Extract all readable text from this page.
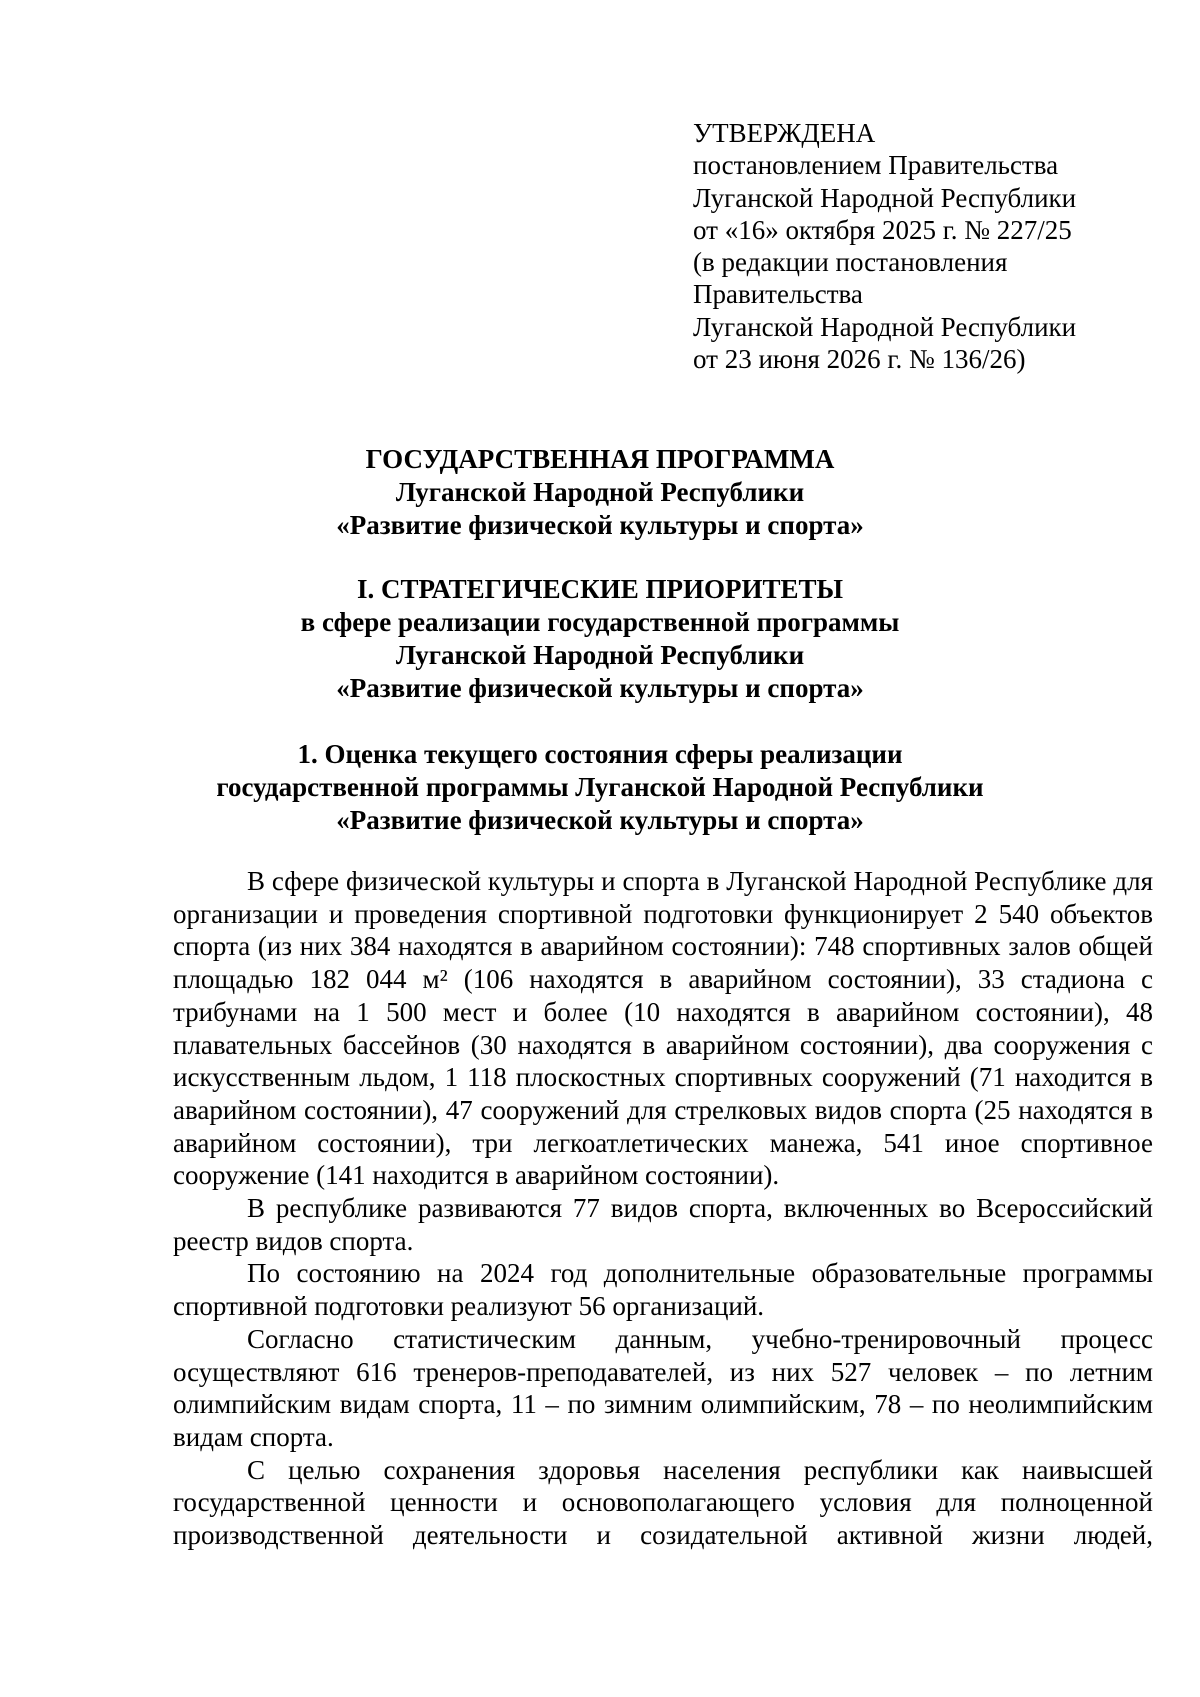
УТВЕРЖДЕНА
постановлением Правительства
Луганской Народной Республики
от «16» октября 2025 г. № 227/25
(в редакции постановления
Правительства
Луганской Народной Республики
от 23 июня 2026 г. № 136/26)
ГОСУДАРСТВЕННАЯ ПРОГРАММА
Луганской Народной Республики
«Развитие физической культуры и спорта»
I. СТРАТЕГИЧЕСКИЕ ПРИОРИТЕТЫ
в сфере реализации государственной программы
Луганской Народной Республики
«Развитие физической культуры и спорта»
1. Оценка текущего состояния сферы реализации
государственной программы Луганской Народной Республики
«Развитие физической культуры и спорта»

В сфере физической культуры и спорта в Луганской Народной Республике для организации и проведения спортивной подготовки функционирует 2 540 объектов спорта (из них 384 находятся в аварийном состоянии): 748 спортивных залов общей площадью 182 044 м² (106 находятся в аварийном состоянии), 33 стадиона с трибунами на 1 500 мест и более (10 находятся в аварийном состоянии), 48 плавательных бассейнов (30 находятся в аварийном состоянии), два сооружения с искусственным льдом, 1 118 плоскостных спортивных сооружений (71 находится в аварийном состоянии), 47 сооружений для стрелковых видов спорта (25 находятся в аварийном состоянии), три легкоатлетических манежа, 541 иное спортивное сооружение (141 находится в аварийном состоянии).

В республике развиваются 77 видов спорта, включенных во Всероссийский реестр видов спорта.

По состоянию на 2024 год дополнительные образовательные программы спортивной подготовки реализуют 56 организаций.

Согласно статистическим данным, учебно-тренировочный процесс осуществляют 616 тренеров-преподавателей, из них 527 человек – по летним олимпийским видам спорта, 11 – по зимним олимпийским, 78 – по неолимпийским видам спорта.

С целью сохранения здоровья населения республики как наивысшей государственной ценности и основополагающего условия для полноценной производственной деятельности и созидательной активной жизни людей,
